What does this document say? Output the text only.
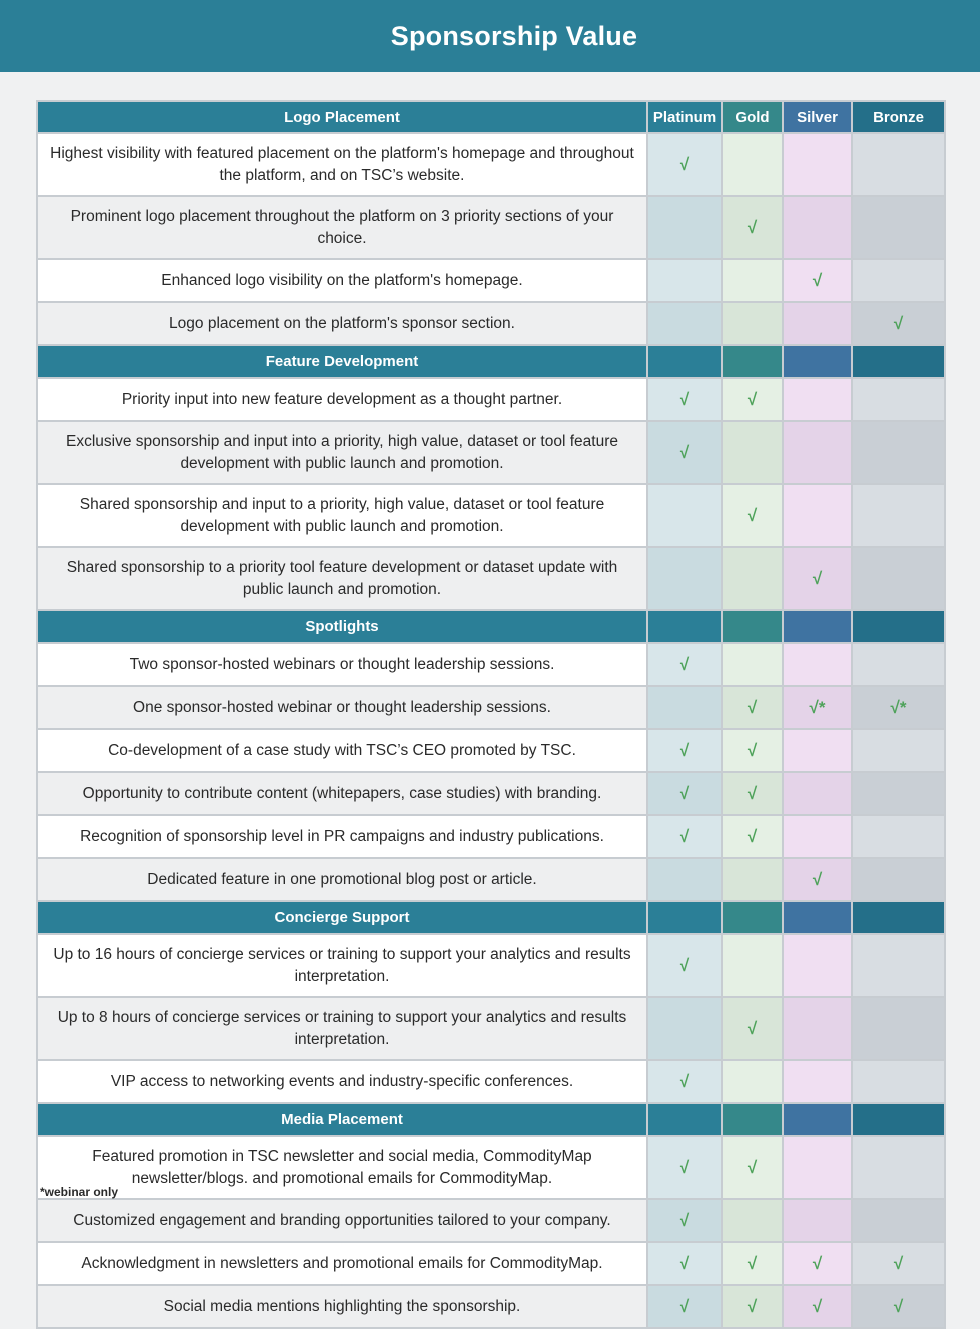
Sponsorship Value
Logo Placement	Platinum	Gold	Silver	Bronze
Highest visibility with featured placement on the platform's homepage and throughout the platform, and on TSC’s website.	√			
Prominent logo placement throughout the platform on 3 priority sections of your choice.		√		
Enhanced logo visibility on the platform's homepage.			√	
Logo placement on the platform's sponsor section.				√
Feature Development				
Priority input into new feature development as a thought partner.	√	√		
Exclusive sponsorship and input into a priority, high value, dataset or tool feature development with public launch and promotion.	√			
Shared sponsorship and input to a priority, high value, dataset or tool feature development with public launch and promotion.		√		
Shared sponsorship to a priority tool feature development or dataset update with public launch and promotion.			√	
Spotlights				
Two sponsor-hosted webinars or thought leadership sessions.	√			
One sponsor-hosted webinar or thought leadership sessions.		√	√*	√*
Co-development of a case study with TSC’s CEO promoted by TSC.	√	√		
Opportunity to contribute content (whitepapers, case studies) with branding.	√	√		
Recognition of sponsorship level in PR campaigns and industry publications.	√	√		
Dedicated feature in one promotional blog post or article.			√	
Concierge Support				
Up to 16 hours of concierge services or training to support your analytics and results interpretation.	√			
Up to 8 hours of concierge services or training to support your analytics and results interpretation.		√		
VIP access to networking events and industry-specific conferences.	√			
Media Placement				
Featured promotion in TSC newsletter and social media, CommodityMap newsletter/blogs. and promotional emails for CommodityMap.	√	√		
Customized engagement and branding opportunities tailored to your company.	√			
Acknowledgment in newsletters and promotional emails for CommodityMap.	√	√	√	√
Social media mentions highlighting the sponsorship.	√	√	√	√
*webinar only
